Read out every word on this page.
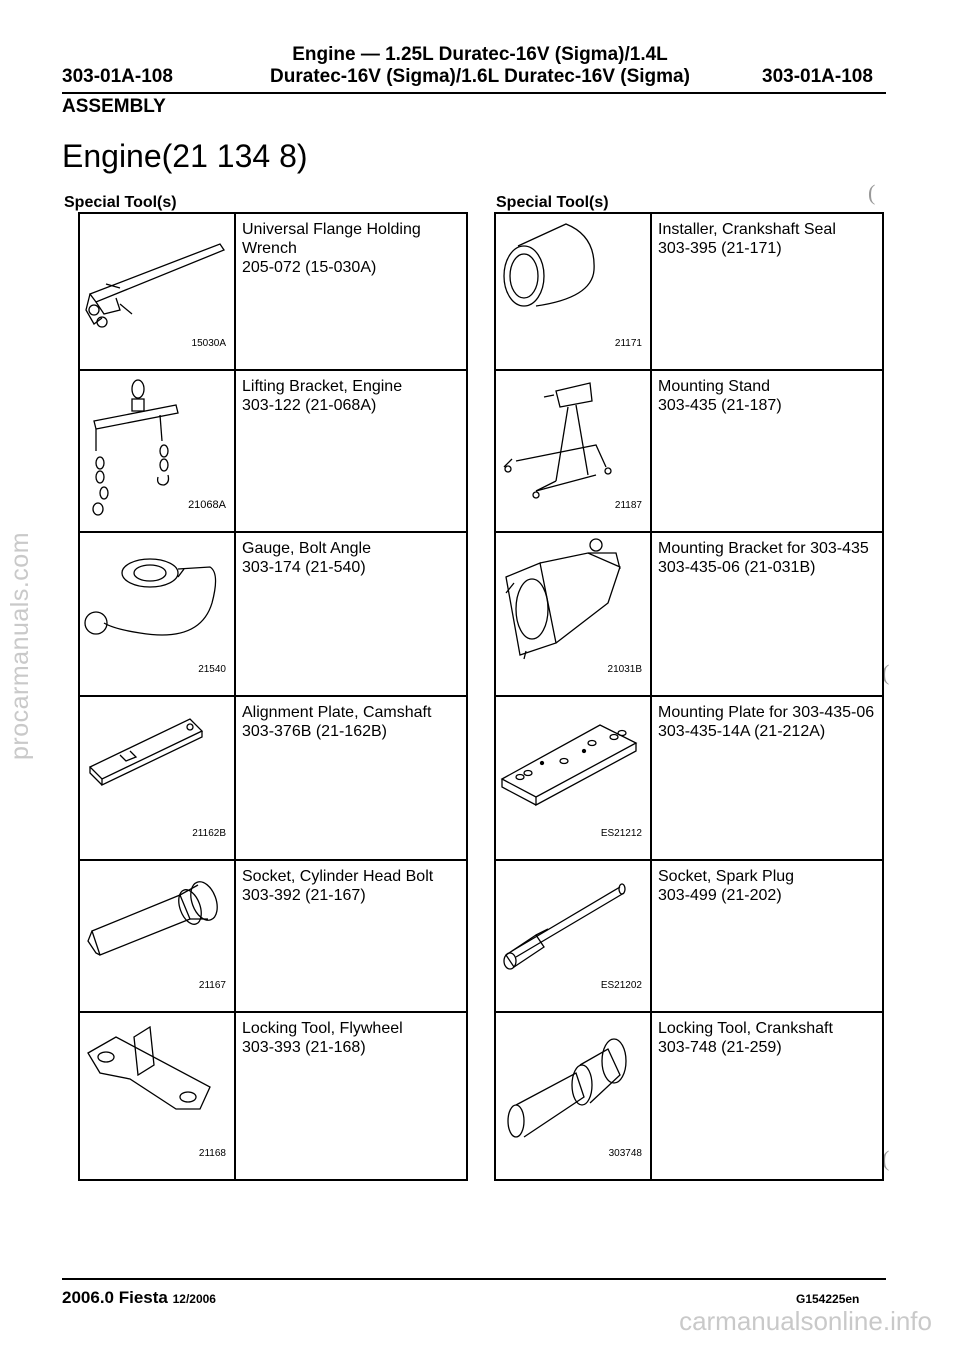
procarmanuals.com
carmanualsonline.info
Engine — 1.25L Duratec-16V (Sigma)/1.4L
Duratec-16V (Sigma)/1.6L Duratec-16V (Sigma)
303-01A-108	303-01A-108
ASSEMBLY
Engine(21 134 8)
Special Tool(s)	Special Tool(s)	(
(
(
15030A	Universal Flange Holding Wrench
205-072 (15-030A)

21068A	Lifting Bracket, Engine
303-122 (21-068A)

21540	Gauge, Bolt Angle
303-174 (21-540)

21162B	Alignment Plate, Camshaft
303-376B (21-162B)

21167	Socket, Cylinder Head Bolt
303-392 (21-167)

21168	Locking Tool, Flywheel
303-393 (21-168)
21171	Installer, Crankshaft Seal
303-395 (21-171)

21187	Mounting Stand
303-435 (21-187)

21031B	Mounting Bracket for 303-435
303-435-06 (21-031B)

ES21212	Mounting Plate for 303-435-06
303-435-14A (21-212A)

ES21202	Socket, Spark Plug
303-499 (21-202)

303748	Locking Tool, Crankshaft
303-748 (21-259)
2006.0 Fiesta 12/2006	G154225en
